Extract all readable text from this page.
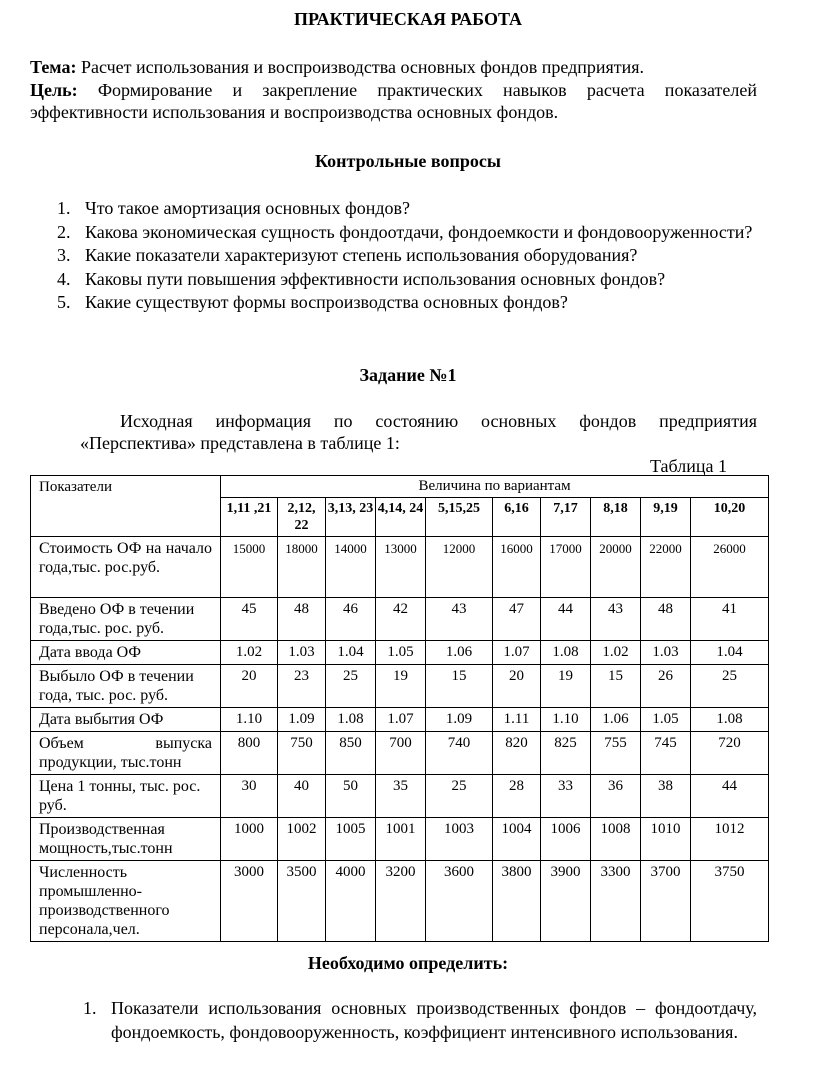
ПРАКТИЧЕСКАЯ РАБОТА
Тема: Расчет использования и воспроизводства основных фондов предприятия.
Цель: Формирование и закрепление практических навыков расчета показателей эффективности использования и воспроизводства основных фондов.
Контрольные вопросы
1. Что такое амортизация основных фондов?
2. Какова экономическая сущность фондоотдачи, фондоемкости и фондовооруженности?
3. Какие показатели характеризуют степень использования оборудования?
4. Каковы пути повышения эффективности использования основных фондов?
5. Какие существуют формы воспроизводства основных фондов?
Задание №1
Исходная информация по состоянию основных фондов предприятия «Перспектива» представлена в таблице 1:
Таблица 1
Показатели	Величина по вариантам									
	1,11 ,21	2,12, 22	3,13, 23	4,14, 24	5,15,25	6,16	7,17	8,18	9,19	10,20
Стоимость ОФ на начало года,тыс. рос.руб.	15000	18000	14000	13000	12000	16000	17000	20000	22000	26000
Введено ОФ в течении года,тыс. рос. руб.	45	48	46	42	43	47	44	43	48	41
Дата ввода ОФ	1.02	1.03	1.04	1.05	1.06	1.07	1.08	1.02	1.03	1.04
Выбыло ОФ в течении года, тыс. рос. руб.	20	23	25	19	15	20	19	15	26	25
Дата выбытия ОФ	1.10	1.09	1.08	1.07	1.09	1.11	1.10	1.06	1.05	1.08
Объем выпуска продукции, тыс.тонн	800	750	850	700	740	820	825	755	745	720
Цена 1 тонны, тыс. рос. руб.	30	40	50	35	25	28	33	36	38	44
Производственная мощность,тыс.тонн	1000	1002	1005	1001	1003	1004	1006	1008	1010	1012
Численность промышленно-производственного персонала,чел.	3000	3500	4000	3200	3600	3800	3900	3300	3700	3750
Необходимо определить:
1. Показатели использования основных производственных фондов – фондоотдачу, фондоемкость, фондовооруженность, коэффициент интенсивного использования.
